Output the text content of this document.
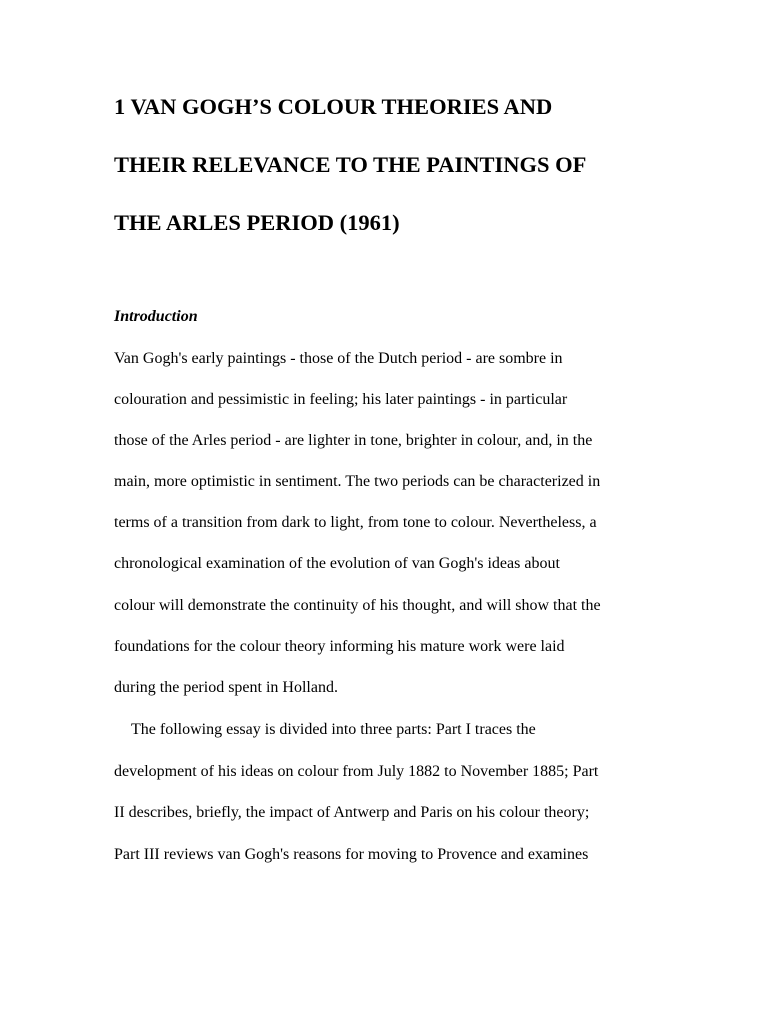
1 VAN GOGH’S COLOUR THEORIES AND
THEIR RELEVANCE TO THE PAINTINGS OF
THE ARLES PERIOD (1961)
Introduction
Van Gogh's early paintings - those of the Dutch period - are sombre in
colouration and pessimistic in feeling; his later paintings - in particular
those of the Arles period - are lighter in tone, brighter in colour, and, in the
main, more optimistic in sentiment. The two periods can be characterized in
terms of a transition from dark to light, from tone to colour. Nevertheless, a
chronological examination of the evolution of van Gogh's ideas about
colour will demonstrate the continuity of his thought, and will show that the
foundations for the colour theory informing his mature work were laid
during the period spent in Holland.
The following essay is divided into three parts: Part I traces the
development of his ideas on colour from July 1882 to November 1885; Part
II describes, briefly, the impact of Antwerp and Paris on his colour theory;
Part III reviews van Gogh's reasons for moving to Provence and examines
